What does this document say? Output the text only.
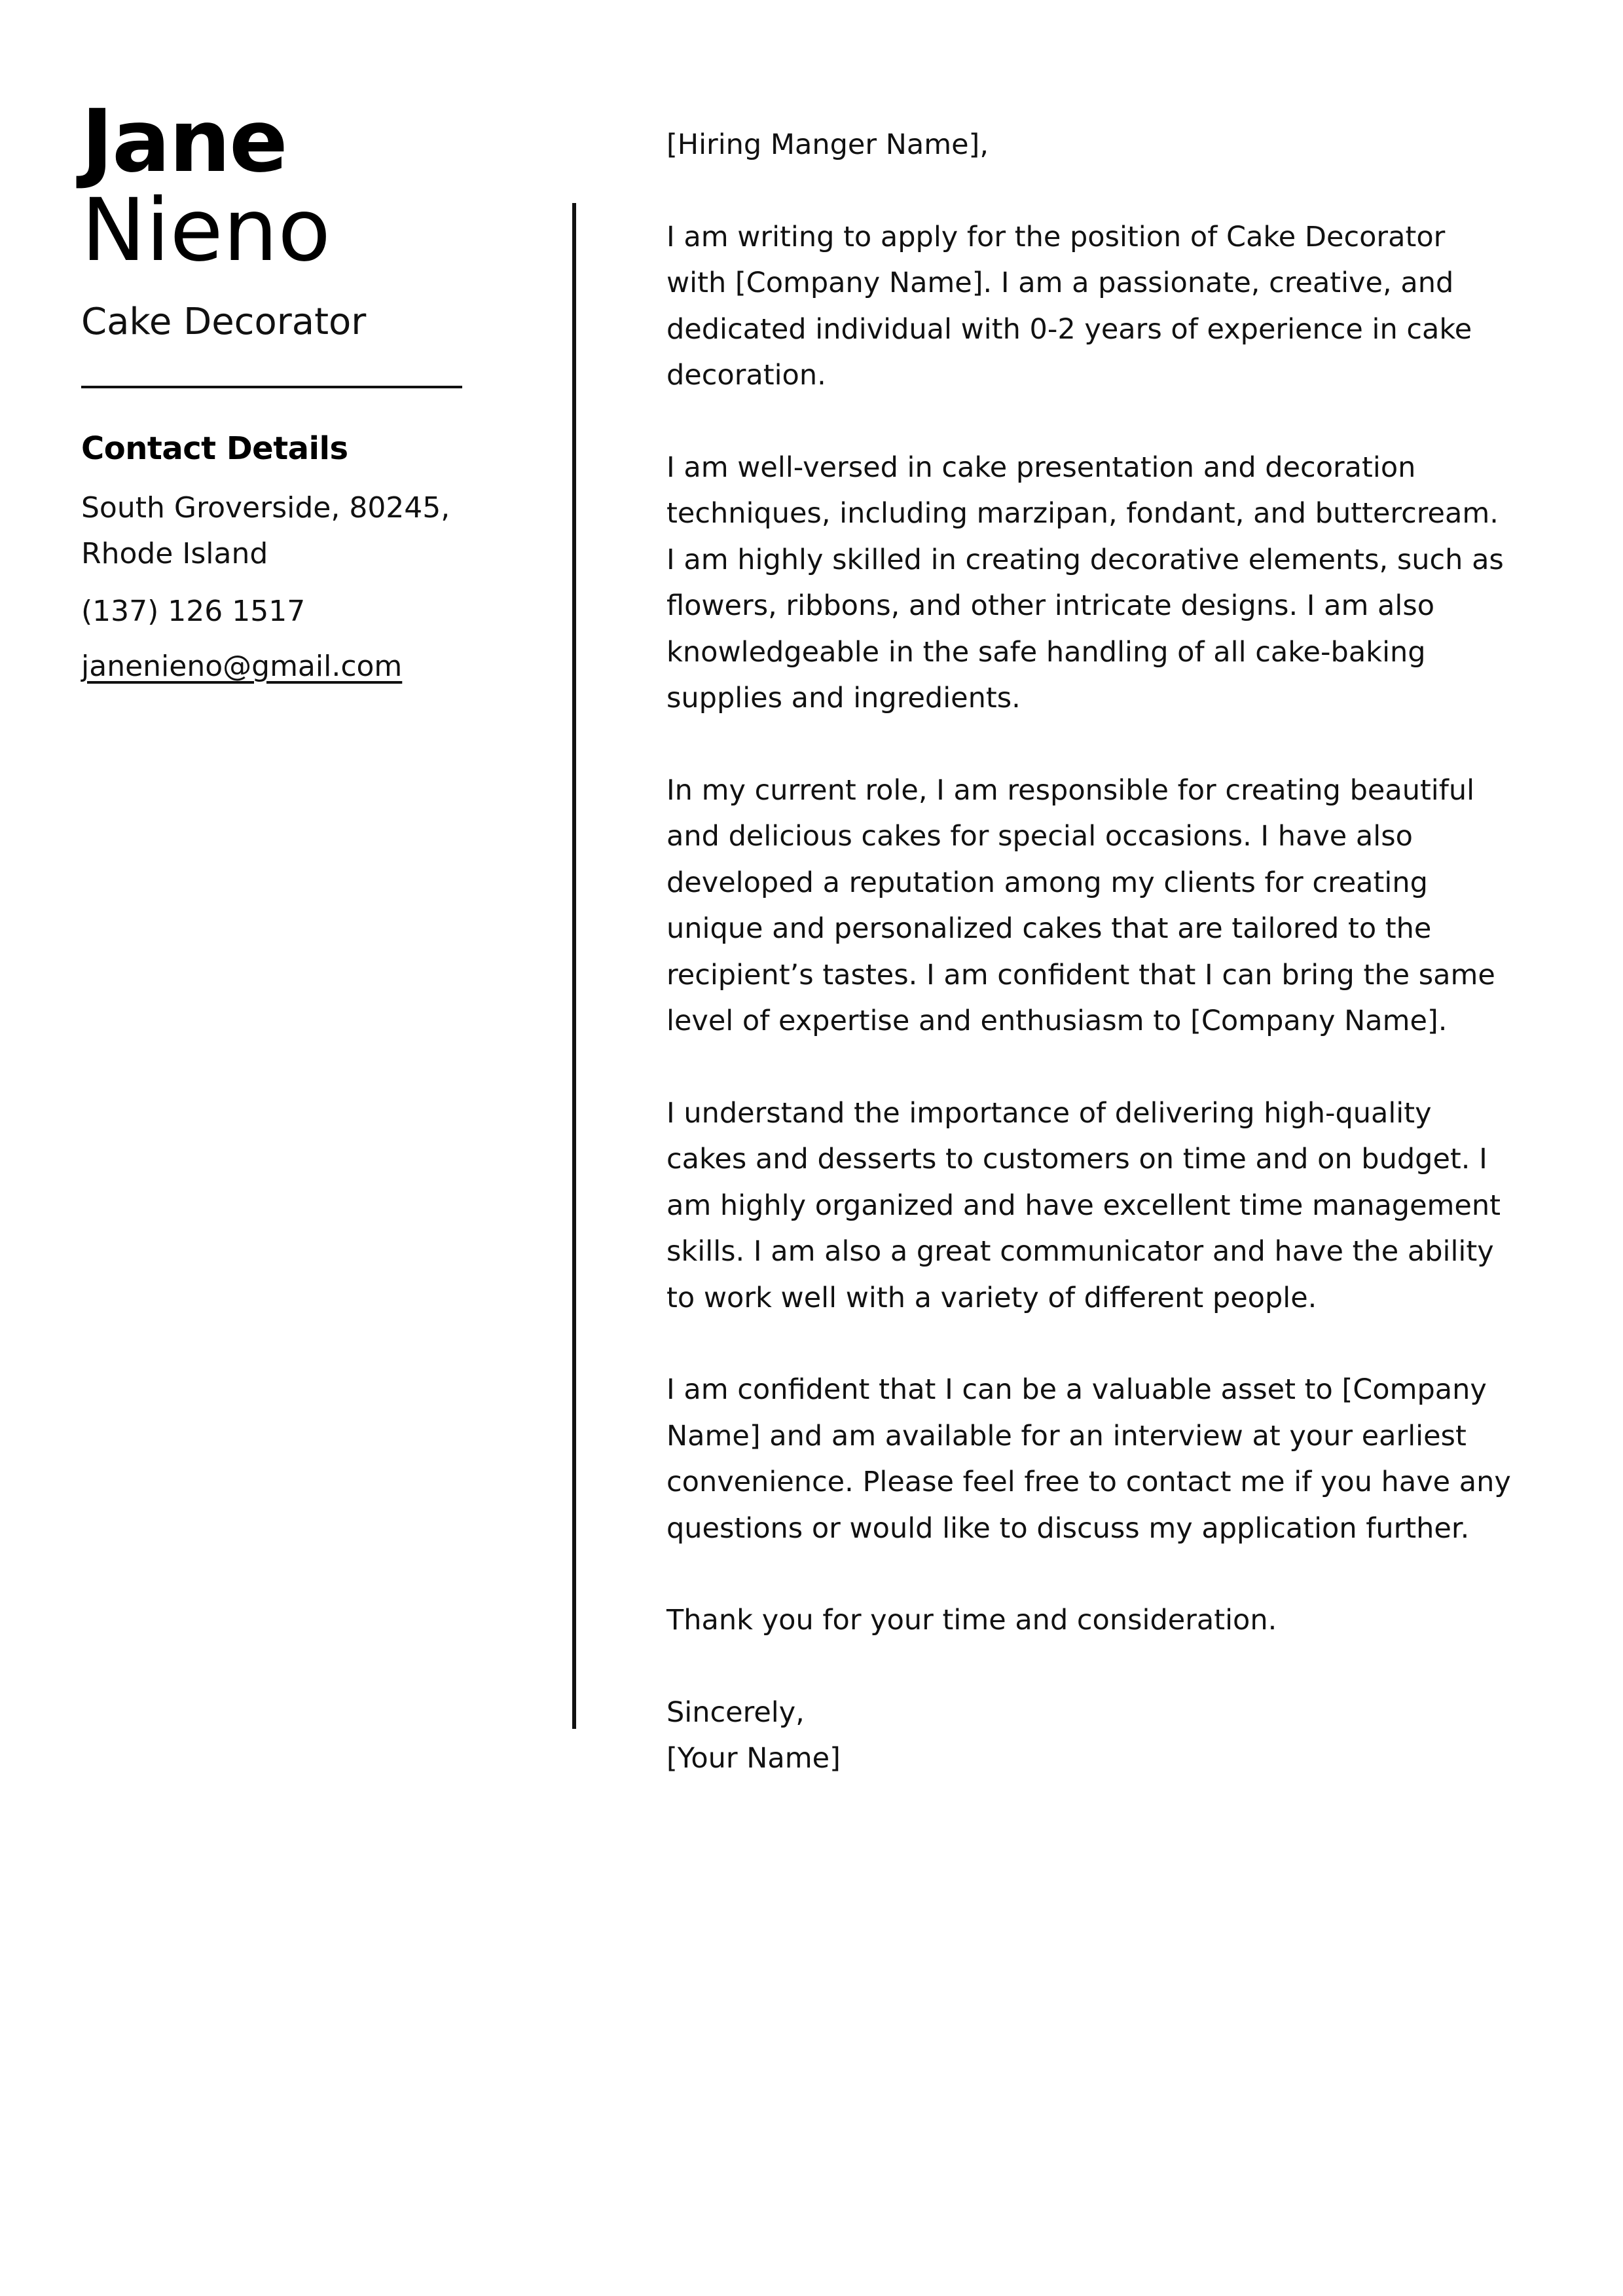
Jane
Nieno
Cake Decorator
Contact Details
South Groverside, 80245,
Rhode Island
(137) 126 1517
janenieno@gmail.com

[Hiring Manger Name],

I am writing to apply for the position of Cake Decorator with [Company Name]. I am a passionate, creative, and dedicated individual with 0-2 years of experience in cake decoration.

I am well-versed in cake presentation and decoration techniques, including marzipan, fondant, and buttercream. I am highly skilled in creating decorative elements, such as flowers, ribbons, and other intricate designs. I am also knowledgeable in the safe handling of all cake-baking supplies and ingredients.

In my current role, I am responsible for creating beautiful and delicious cakes for special occasions. I have also developed a reputation among my clients for creating unique and personalized cakes that are tailored to the recipient’s tastes. I am confident that I can bring the same level of expertise and enthusiasm to [Company Name].

I understand the importance of delivering high-quality cakes and desserts to customers on time and on budget. I am highly organized and have excellent time management skills. I am also a great communicator and have the ability to work well with a variety of different people.

I am confident that I can be a valuable asset to [Company Name] and am available for an interview at your earliest convenience. Please feel free to contact me if you have any questions or would like to discuss my application further.

Thank you for your time and consideration.

Sincerely,

[Your Name]
